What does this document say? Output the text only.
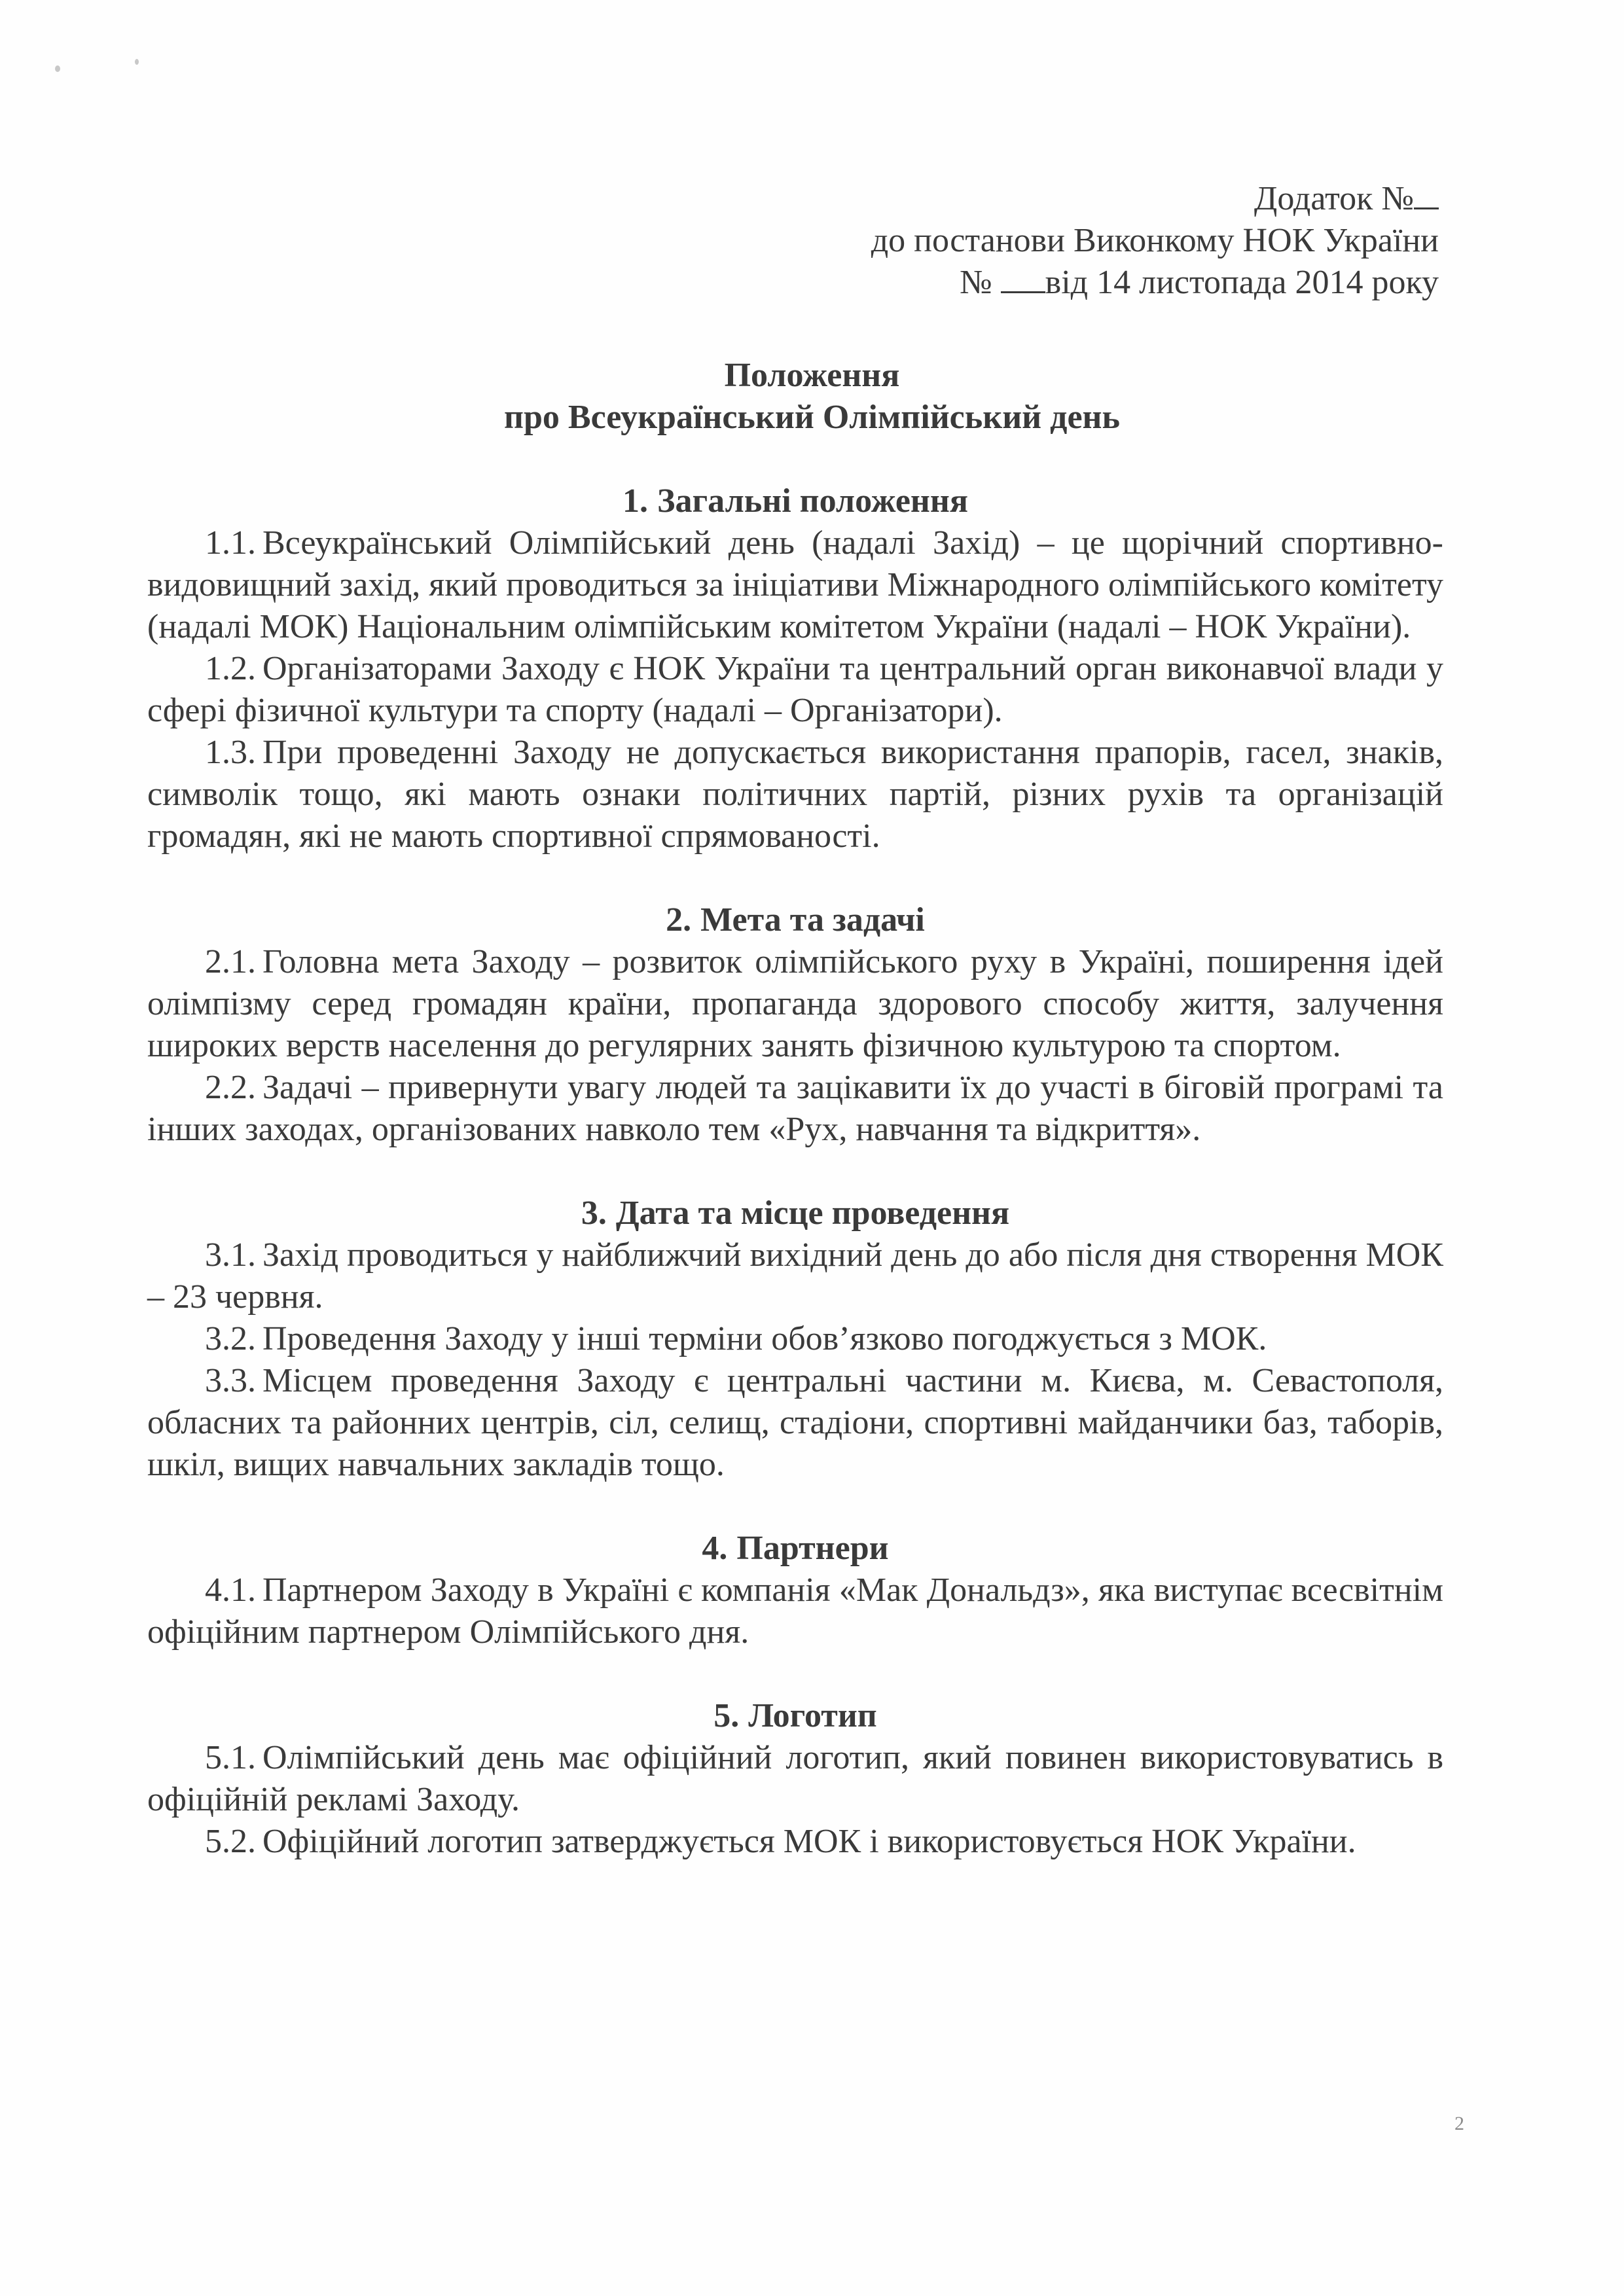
Додаток №
до постанови Виконкому НОК України
№ від 14 листопада 2014 року
Положення
про Всеукраїнський Олімпійський день
1. Загальні положення

1.1. Всеукраїнський Олімпійський день (надалі Захід) – це щорічний спортивно-видовищний захід, який проводиться за ініціативи Міжнародного олімпійського комітету (надалі МОК) Національним олімпійським комітетом України (надалі – НОК України).

1.2. Організаторами Заходу є НОК України та центральний орган виконавчої влади у сфері фізичної культури та спорту (надалі – Організатори).

1.3. При проведенні Заходу не допускається використання прапорів, гасел, знаків, символік тощо, які мають ознаки політичних партій, різних рухів та організацій громадян, які не мають спортивної спрямованості.

2. Мета та задачі

2.1. Головна мета Заходу – розвиток олімпійського руху в Україні, поширення ідей олімпізму серед громадян країни, пропаганда здорового способу життя, залучення широких верств населення до регулярних занять фізичною культурою та спортом.

2.2. Задачі – привернути увагу людей та зацікавити їх до участі в біговій програмі та інших заходах, організованих навколо тем «Рух, навчання та відкриття».

3. Дата та місце проведення

3.1. Захід проводиться у найближчий вихідний день до або після дня створення МОК – 23 червня.

3.2. Проведення Заходу у інші терміни обов’язково погоджується з МОК.

3.3. Місцем проведення Заходу є центральні частини м. Києва, м. Севастополя, обласних та районних центрів, сіл, селищ, стадіони, спортивні майданчики баз, таборів, шкіл, вищих навчальних закладів тощо.

4. Партнери

4.1. Партнером Заходу в Україні є компанія «Мак Дональдз», яка виступає всесвітнім офіційним партнером Олімпійського дня.

5. Логотип

5.1. Олімпійський день має офіційний логотип, який повинен використовуватись в офіційній рекламі Заходу.

5.2. Офіційний логотип затверджується МОК і використовується НОК України.

2
